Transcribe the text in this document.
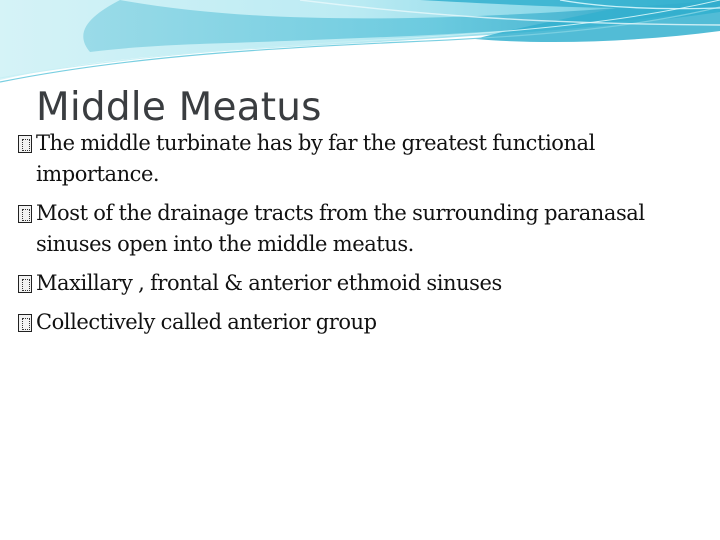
Middle Meatus
The middle turbinate has by far the greatest functional importance.
Most of the drainage tracts from the surrounding paranasal sinuses open into the middle meatus.
Maxillary , frontal & anterior ethmoid sinuses
Collectively called anterior group
